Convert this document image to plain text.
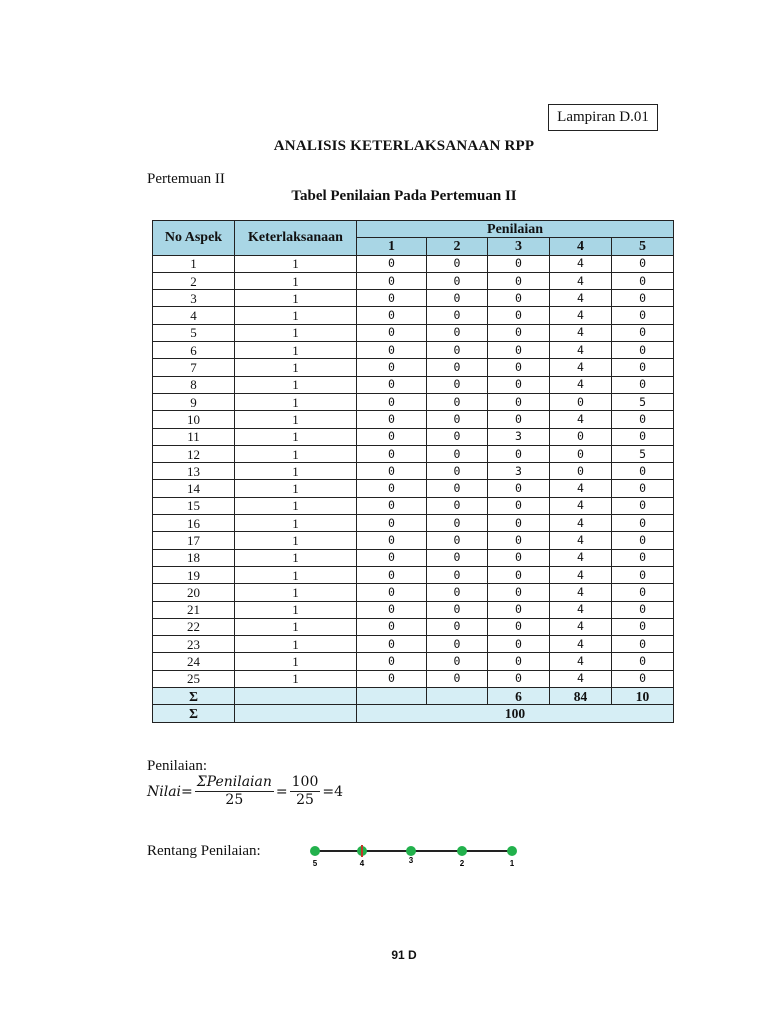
Lampiran D.01
ANALISIS KETERLAKSANAAN RPP
Pertemuan II
Tabel Penilaian Pada Pertemuan II
No Aspek	Keterlaksanaan	Penilaian				
		1	2	3	4	5
1	1	0	0	0	4	0
2	1	0	0	0	4	0
3	1	0	0	0	4	0
4	1	0	0	0	4	0
5	1	0	0	0	4	0
6	1	0	0	0	4	0
7	1	0	0	0	4	0
8	1	0	0	0	4	0
9	1	0	0	0	0	5
10	1	0	0	0	4	0
11	1	0	0	3	0	0
12	1	0	0	0	0	5
13	1	0	0	3	0	0
14	1	0	0	0	4	0
15	1	0	0	0	4	0
16	1	0	0	0	4	0
17	1	0	0	0	4	0
18	1	0	0	0	4	0
19	1	0	0	0	4	0
20	1	0	0	0	4	0
21	1	0	0	0	4	0
22	1	0	0	0	4	0
23	1	0	0	0	4	0
24	1	0	0	0	4	0
25	1	0	0	0	4	0
Σ				6	84	10
Σ		100				
Penilaian:
Nilai = $\frac{\text{ΣPenilaian}}{25} = \frac{100}{25} =4$
Rentang Penilaian:
5	4	3	2	1
91 D
